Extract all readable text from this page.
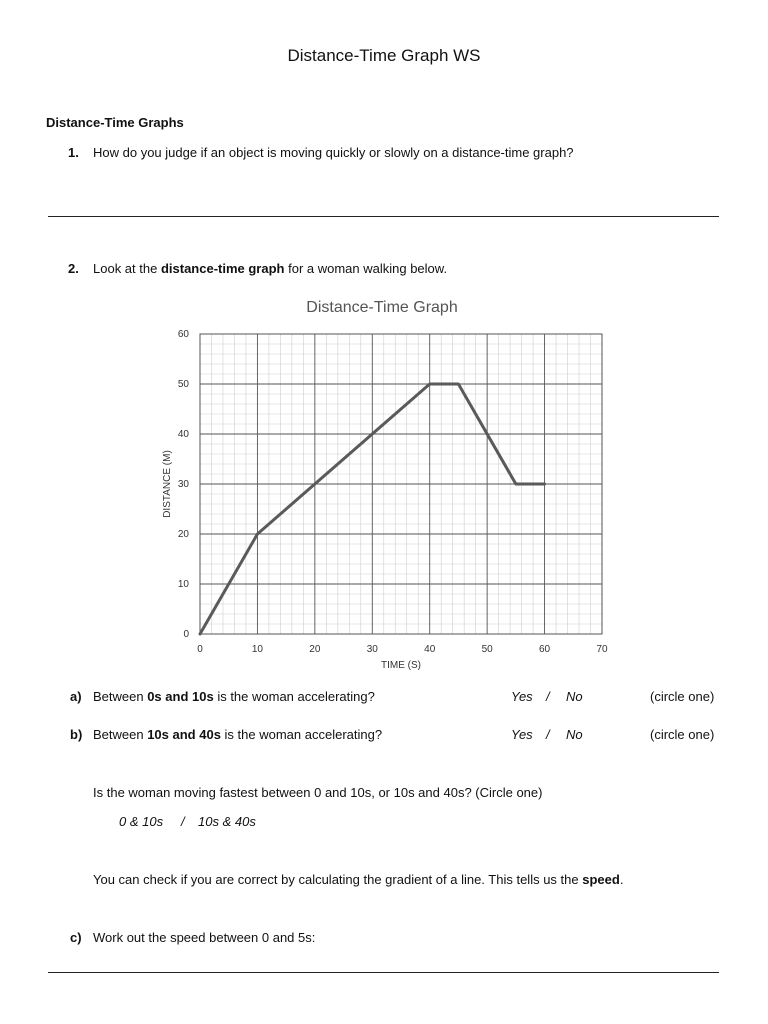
Distance-Time Graph WS
Distance-Time Graphs
1. How do you judge if an object is moving quickly or slowly on a distance-time graph?
2. Look at the distance-time graph for a woman walking below.
Distance-Time Graph
0	10	20	30	40	50	60	70
0
10
20
30
40
50
60
TIME (S)
DISTANCE (M)
a) Between 0s and 10s is the woman accelerating?	Yes / No	(circle one)
b) Between 10s and 40s is the woman accelerating?	Yes / No	(circle one)
Is the woman moving fastest between 0 and 10s, or 10s and 40s? (Circle one)
0 & 10s / 10s & 40s
You can check if you are correct by calculating the gradient of a line. This tells us the speed.
c) Work out the speed between 0 and 5s:
